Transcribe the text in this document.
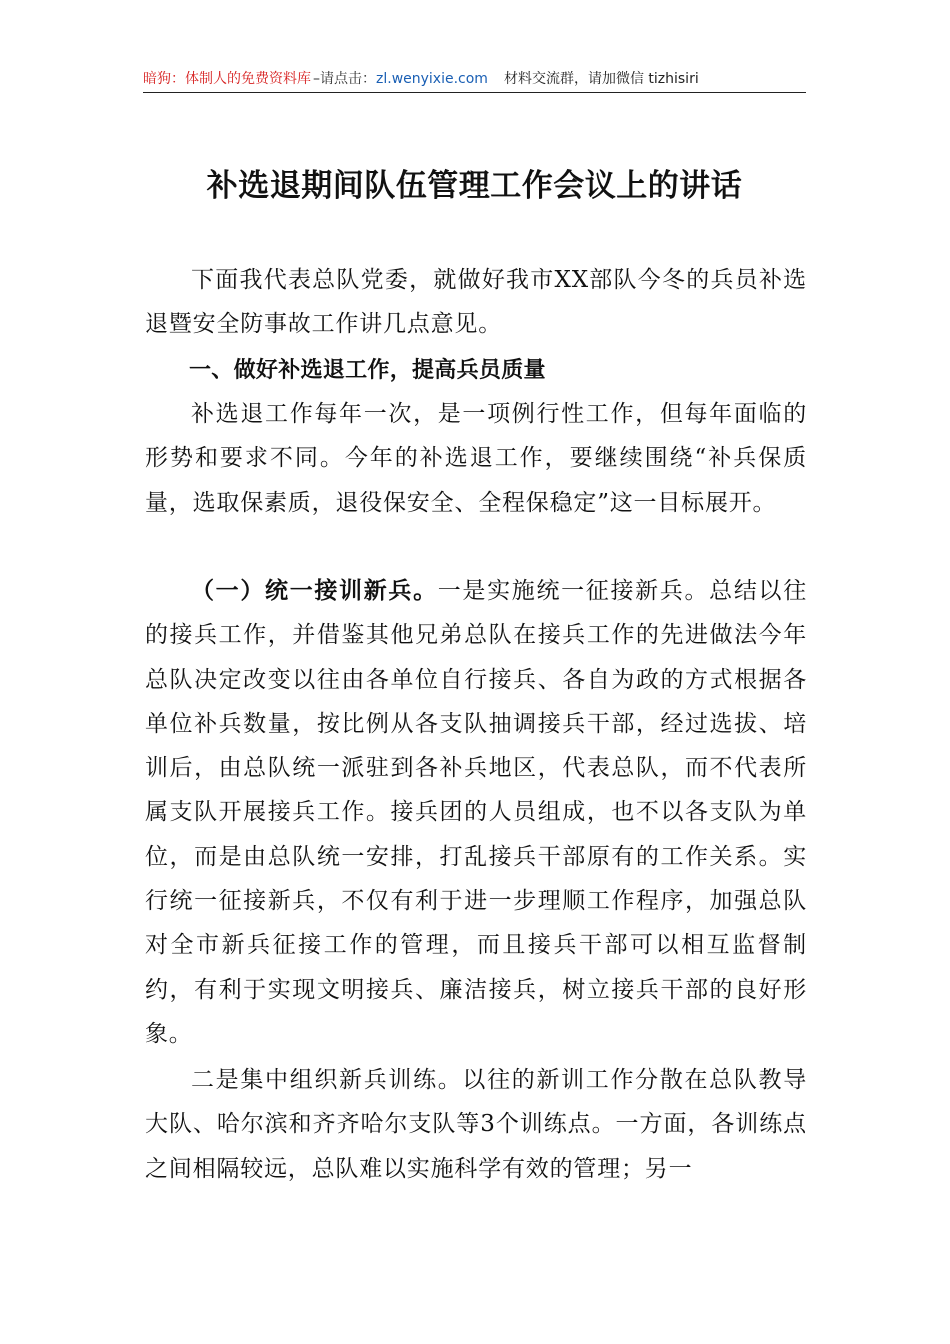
暗狗：体制人的免费资料库 –请点击：zl.wenyixie.com 材料交流群，请加微信 tizhisiri
补选退期间队伍管理工作会议上的讲话
下面我代表总队党委，就做好我市XX部队今冬的兵员补选退暨安全防事故工作讲几点意见。
一、做好补选退工作，提高兵员质量
补选退工作每年一次，是一项例行性工作，但每年面临的形势和要求不同。今年的补选退工作，要继续围绕“补兵保质量，选取保素质，退役保安全、全程保稳定”这一目标展开。
（一）统一接训新兵。一是实施统一征接新兵。总结以往的接兵工作，并借鉴其他兄弟总队在接兵工作的先进做法今年总队决定改变以往由各单位自行接兵、各自为政的方式根据各单位补兵数量，按比例从各支队抽调接兵干部，经过选拔、培训后，由总队统一派驻到各补兵地区，代表总队，而不代表所属支队开展接兵工作。接兵团的人员组成，也不以各支队为单位，而是由总队统一安排，打乱接兵干部原有的工作关系。实行统一征接新兵，不仅有利于进一步理顺工作程序，加强总队对全市新兵征接工作的管理，而且接兵干部可以相互监督制约，有利于实现文明接兵、廉洁接兵，树立接兵干部的良好形象。
二是集中组织新兵训练。以往的新训工作分散在总队教导大队、哈尔滨和齐齐哈尔支队等3个训练点。一方面，各训练点之间相隔较远，总队难以实施科学有效的管理；另一
